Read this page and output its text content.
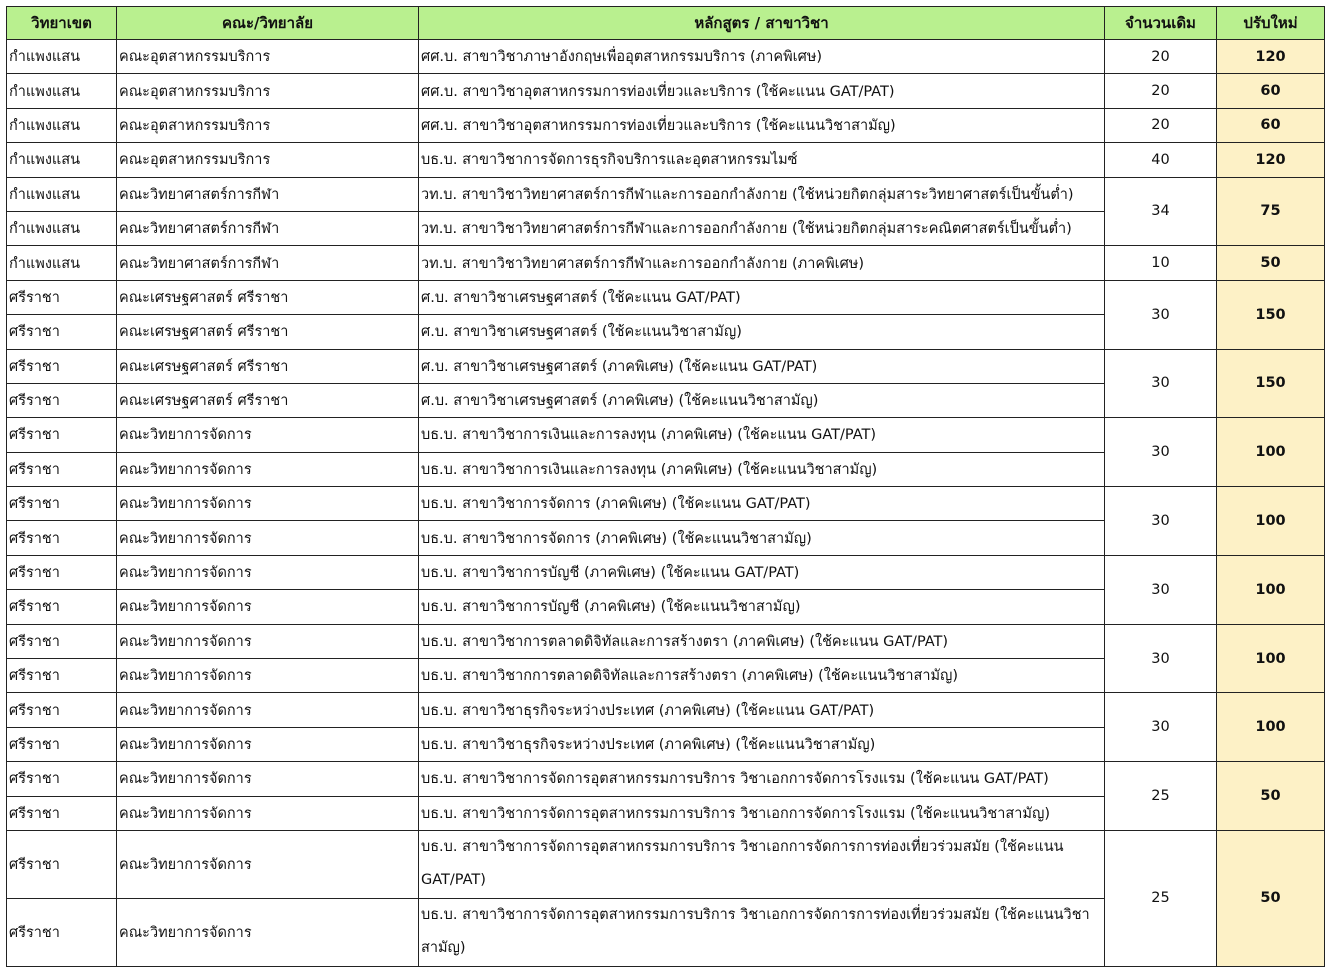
วิทยาเขต	คณะ/วิทยาลัย	หลักสูตร / สาขาวิชา	จำนวนเดิม	ปรับใหม่
กำแพงแสน	คณะอุตสาหกรรมบริการ	ศศ.บ. สาขาวิชาภาษาอังกฤษเพื่ออุตสาหกรรมบริการ (ภาคพิเศษ)	20	120
กำแพงแสน	คณะอุตสาหกรรมบริการ	ศศ.บ. สาขาวิชาอุตสาหกรรมการท่องเที่ยวและบริการ (ใช้คะแนน GAT/PAT)	20	60
กำแพงแสน	คณะอุตสาหกรรมบริการ	ศศ.บ. สาขาวิชาอุตสาหกรรมการท่องเที่ยวและบริการ (ใช้คะแนนวิชาสามัญ)	20	60
กำแพงแสน	คณะอุตสาหกรรมบริการ	บธ.บ. สาขาวิชาการจัดการธุรกิจบริการและอุตสาหกรรมไมซ์	40	120
กำแพงแสน	คณะวิทยาศาสตร์การกีฬา	วท.บ. สาขาวิชาวิทยาศาสตร์การกีฬาและการออกกำลังกาย (ใช้หน่วยกิตกลุ่มสาระวิทยาศาสตร์เป็นขั้นต่ำ)	34	75
กำแพงแสน	คณะวิทยาศาสตร์การกีฬา	วท.บ. สาขาวิชาวิทยาศาสตร์การกีฬาและการออกกำลังกาย (ใช้หน่วยกิตกลุ่มสาระคณิตศาสตร์เป็นขั้นต่ำ)		
กำแพงแสน	คณะวิทยาศาสตร์การกีฬา	วท.บ. สาขาวิชาวิทยาศาสตร์การกีฬาและการออกกำลังกาย (ภาคพิเศษ)	10	50
ศรีราชา	คณะเศรษฐศาสตร์ ศรีราชา	ศ.บ. สาขาวิชาเศรษฐศาสตร์ (ใช้คะแนน GAT/PAT)	30	150
ศรีราชา	คณะเศรษฐศาสตร์ ศรีราชา	ศ.บ. สาขาวิชาเศรษฐศาสตร์ (ใช้คะแนนวิชาสามัญ)		
ศรีราชา	คณะเศรษฐศาสตร์ ศรีราชา	ศ.บ. สาขาวิชาเศรษฐศาสตร์ (ภาคพิเศษ) (ใช้คะแนน GAT/PAT)	30	150
ศรีราชา	คณะเศรษฐศาสตร์ ศรีราชา	ศ.บ. สาขาวิชาเศรษฐศาสตร์ (ภาคพิเศษ) (ใช้คะแนนวิชาสามัญ)		
ศรีราชา	คณะวิทยาการจัดการ	บธ.บ. สาขาวิชาการเงินและการลงทุน (ภาคพิเศษ) (ใช้คะแนน GAT/PAT)	30	100
ศรีราชา	คณะวิทยาการจัดการ	บธ.บ. สาขาวิชาการเงินและการลงทุน (ภาคพิเศษ) (ใช้คะแนนวิชาสามัญ)		
ศรีราชา	คณะวิทยาการจัดการ	บธ.บ. สาขาวิชาการจัดการ (ภาคพิเศษ) (ใช้คะแนน GAT/PAT)	30	100
ศรีราชา	คณะวิทยาการจัดการ	บธ.บ. สาขาวิชาการจัดการ (ภาคพิเศษ) (ใช้คะแนนวิชาสามัญ)		
ศรีราชา	คณะวิทยาการจัดการ	บธ.บ. สาขาวิชาการบัญชี (ภาคพิเศษ) (ใช้คะแนน GAT/PAT)	30	100
ศรีราชา	คณะวิทยาการจัดการ	บธ.บ. สาขาวิชาการบัญชี (ภาคพิเศษ) (ใช้คะแนนวิชาสามัญ)		
ศรีราชา	คณะวิทยาการจัดการ	บธ.บ. สาขาวิชาการตลาดดิจิทัลและการสร้างตรา (ภาคพิเศษ) (ใช้คะแนน GAT/PAT)	30	100
ศรีราชา	คณะวิทยาการจัดการ	บธ.บ. สาขาวิชากการตลาดดิจิทัลและการสร้างตรา (ภาคพิเศษ) (ใช้คะแนนวิชาสามัญ)		
ศรีราชา	คณะวิทยาการจัดการ	บธ.บ. สาขาวิชาธุรกิจระหว่างประเทศ (ภาคพิเศษ) (ใช้คะแนน GAT/PAT)	30	100
ศรีราชา	คณะวิทยาการจัดการ	บธ.บ. สาขาวิชาธุรกิจระหว่างประเทศ (ภาคพิเศษ) (ใช้คะแนนวิชาสามัญ)		
ศรีราชา	คณะวิทยาการจัดการ	บธ.บ. สาขาวิชาการจัดการอุตสาหกรรมการบริการ วิชาเอกการจัดการโรงแรม (ใช้คะแนน GAT/PAT)	25	50
ศรีราชา	คณะวิทยาการจัดการ	บธ.บ. สาขาวิชาการจัดการอุตสาหกรรมการบริการ วิชาเอกการจัดการโรงแรม (ใช้คะแนนวิชาสามัญ)		
ศรีราชา	คณะวิทยาการจัดการ	บธ.บ. สาขาวิชาการจัดการอุตสาหกรรมการบริการ วิชาเอกการจัดการการท่องเที่ยวร่วมสมัย (ใช้คะแนน GAT/PAT)	25	50
ศรีราชา	คณะวิทยาการจัดการ	บธ.บ. สาขาวิชาการจัดการอุตสาหกรรมการบริการ วิชาเอกการจัดการการท่องเที่ยวร่วมสมัย (ใช้คะแนนวิชาสามัญ)		
